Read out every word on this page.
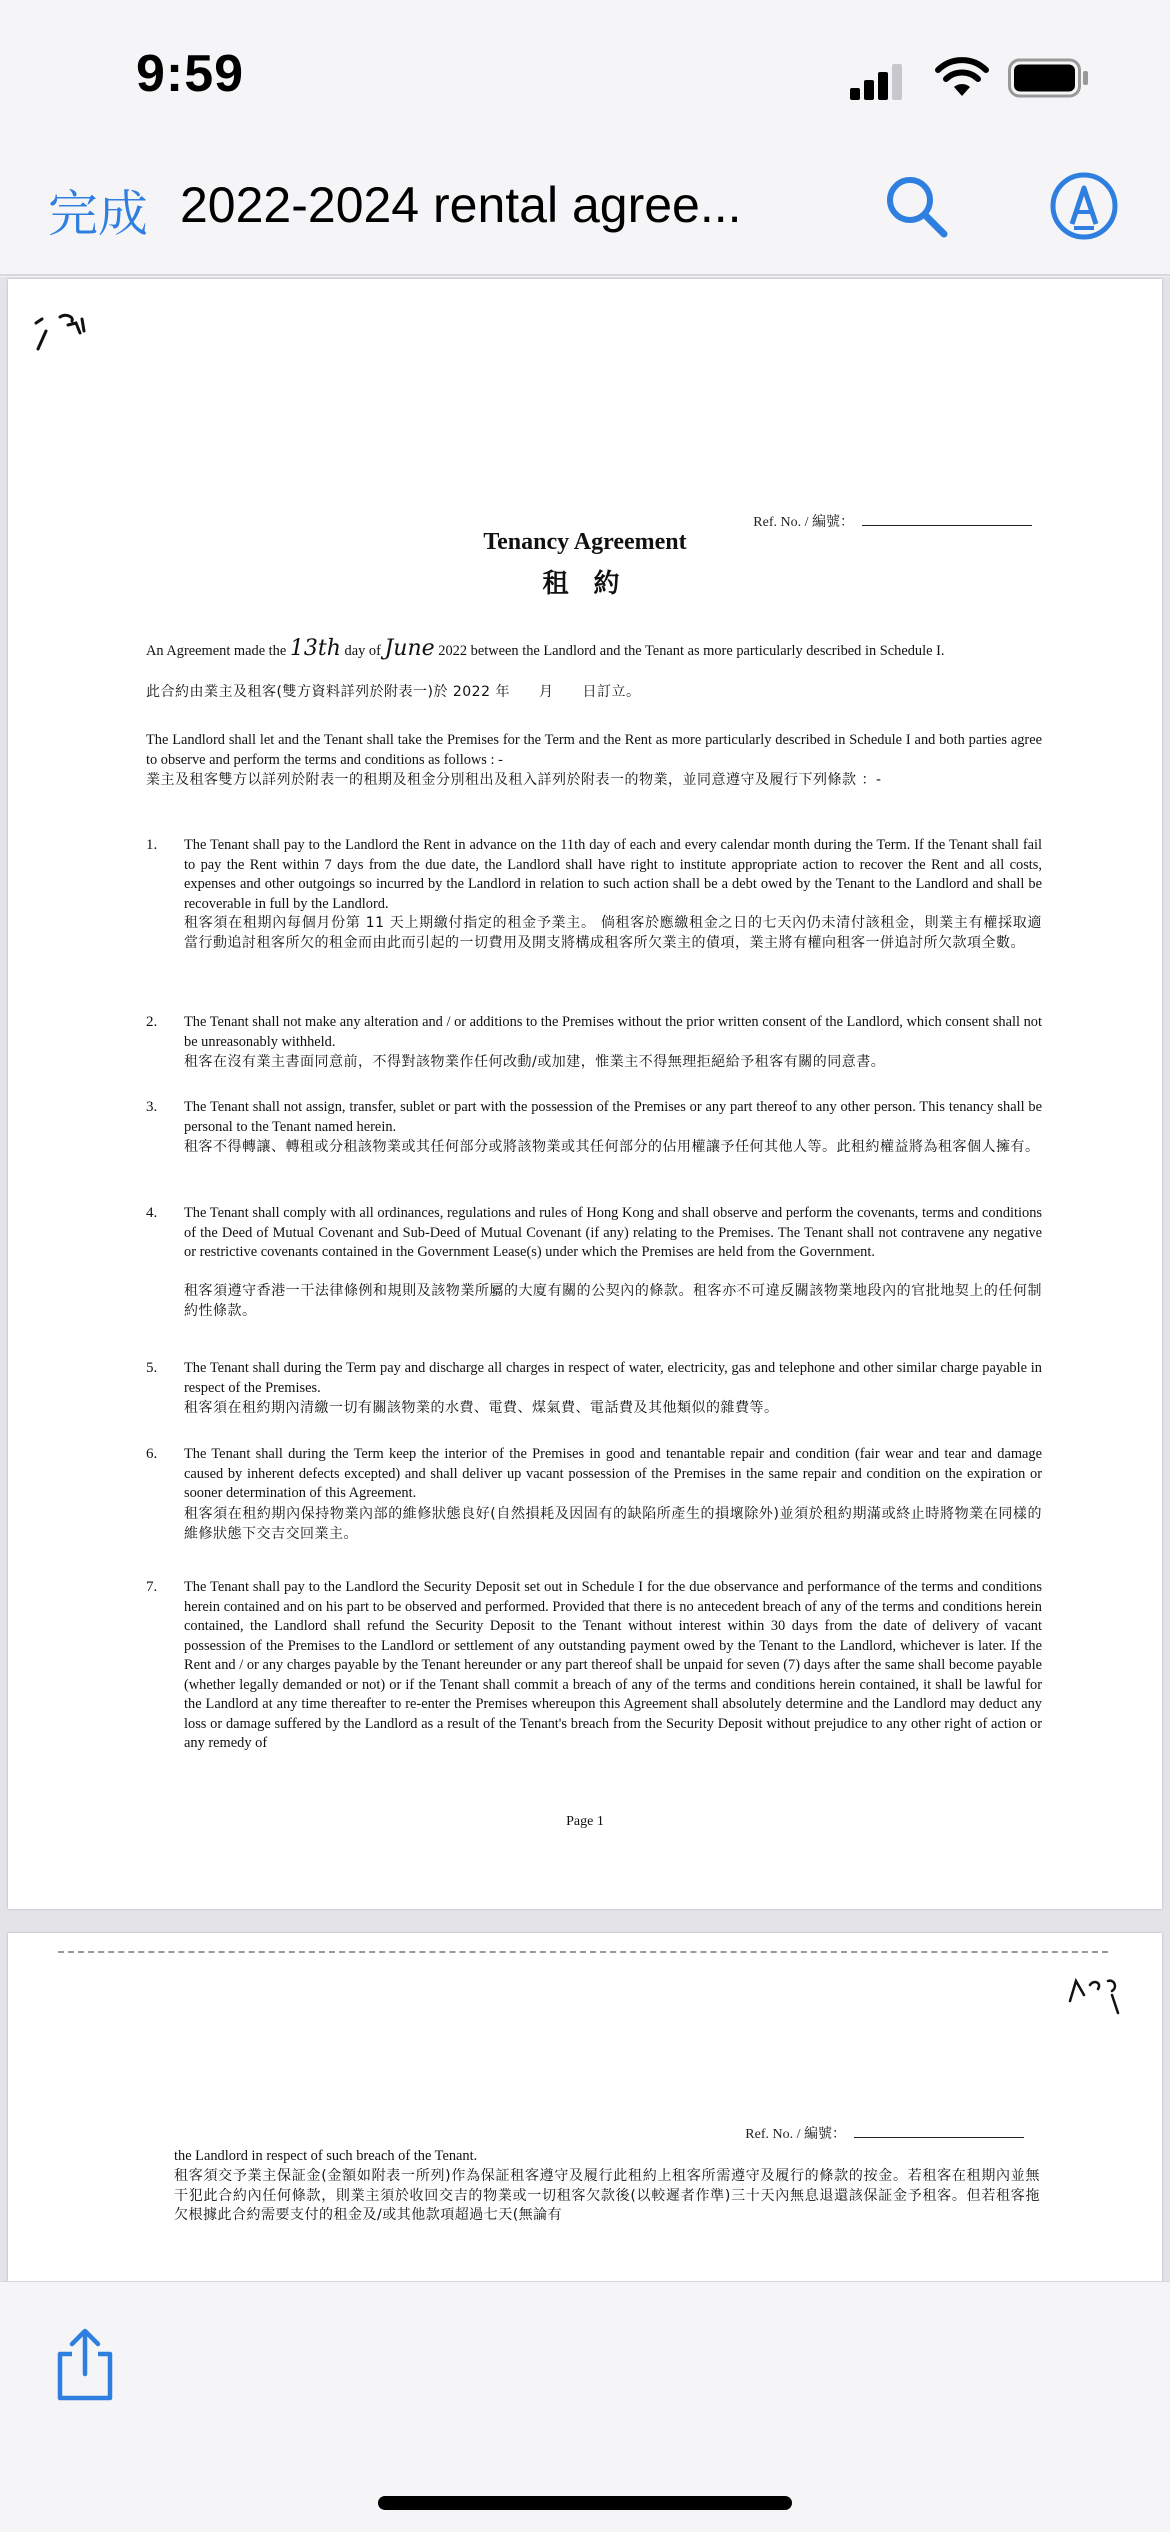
9:59
完成 2022-2024 rental agree...
Ref. No. / 編號：
Tenancy Agreement
租 約
An Agreement made the 13th day of June 2022 between the Landlord and the Tenant as more particularly described in Schedule I.
此合約由業主及租客(雙方資料詳列於附表一)於 2022 年　　月　　日訂立。
The Landlord shall let and the Tenant shall take the Premises for the Term and the Rent as more particularly described in Schedule I and both parties agree to observe and perform the terms and conditions as follows : -
業主及租客雙方以詳列於附表一的租期及租金分別租出及租入詳列於附表一的物業，並同意遵守及履行下列條款 ：-
1. The Tenant shall pay to the Landlord the Rent in advance on the 11th day of each and every calendar month during the Term. If the Tenant shall fail to pay the Rent within 7 days from the due date, the Landlord shall have right to institute appropriate action to recover the Rent and all costs, expenses and other outgoings so incurred by the Landlord in relation to such action shall be a debt owed by the Tenant to the Landlord and shall be recoverable in full by the Landlord.
租客須在租期內每個月份第 11 天上期繳付指定的租金予業主。 倘租客於應繳租金之日的七天內仍未清付該租金，則業主有權採取適當行動追討租客所欠的租金而由此而引起的一切費用及開支將構成租客所欠業主的債項，業主將有權向租客一併追討所欠款項全數。
2. The Tenant shall not make any alteration and / or additions to the Premises without the prior written consent of the Landlord, which consent shall not be unreasonably withheld.
租客在沒有業主書面同意前，不得對該物業作任何改動/或加建，惟業主不得無理拒絕給予租客有關的同意書。
3. The Tenant shall not assign, transfer, sublet or part with the possession of the Premises or any part thereof to any other person. This tenancy shall be personal to the Tenant named herein.
租客不得轉讓、轉租或分租該物業或其任何部分或將該物業或其任何部分的佔用權讓予任何其他人等。此租約權益將為租客個人擁有。
4. The Tenant shall comply with all ordinances, regulations and rules of Hong Kong and shall observe and perform the covenants, terms and conditions of the Deed of Mutual Covenant and Sub-Deed of Mutual Covenant (if any) relating to the Premises. The Tenant shall not contravene any negative or restrictive covenants contained in the Government Lease(s) under which the Premises are held from the Government.
租客須遵守香港一干法律條例和規則及該物業所屬的大廈有關的公契內的條款。租客亦不可違反關該物業地段內的官批地契上的任何制約性條款。
5. The Tenant shall during the Term pay and discharge all charges in respect of water, electricity, gas and telephone and other similar charge payable in respect of the Premises.
租客須在租約期內清繳一切有關該物業的水費、電費、煤氣費、電話費及其他類似的雜費等。
6. The Tenant shall during the Term keep the interior of the Premises in good and tenantable repair and condition (fair wear and tear and damage caused by inherent defects excepted) and shall deliver up vacant possession of the Premises in the same repair and condition on the expiration or sooner determination of this Agreement.
租客須在租約期內保持物業內部的維修狀態良好(自然損耗及因固有的缺陷所產生的損壞除外)並須於租約期滿或終止時將物業在同樣的維修狀態下交吉交回業主。
7. The Tenant shall pay to the Landlord the Security Deposit set out in Schedule I for the due observance and performance of the terms and conditions herein contained and on his part to be observed and performed. Provided that there is no antecedent breach of any of the terms and conditions herein contained, the Landlord shall refund the Security Deposit to the Tenant without interest within 30 days from the date of delivery of vacant possession of the Premises to the Landlord or settlement of any outstanding payment owed by the Tenant to the Landlord, whichever is later. If the Rent and / or any charges payable by the Tenant hereunder or any part thereof shall be unpaid for seven (7) days after the same shall become payable (whether legally demanded or not) or if the Tenant shall commit a breach of any of the terms and conditions herein contained, it shall be lawful for the Landlord at any time thereafter to re-enter the Premises whereupon this Agreement shall absolutely determine and the Landlord may deduct any loss or damage suffered by the Landlord as a result of the Tenant's breach from the Security Deposit without prejudice to any other right of action or any remedy of
Page 1
Ref. No. / 編號：
the Landlord in respect of such breach of the Tenant.
租客須交予業主保証金(金額如附表一所列)作為保証租客遵守及履行此租約上租客所需遵守及履行的條款的按金。若租客在租期內並無干犯此合約內任何條款，則業主須於收回交吉的物業或一切租客欠款後(以較遲者作準)三十天內無息退還該保証金予租客。但若租客拖欠根據此合約需要支付的租金及/或其他款項超過七天(無論有
